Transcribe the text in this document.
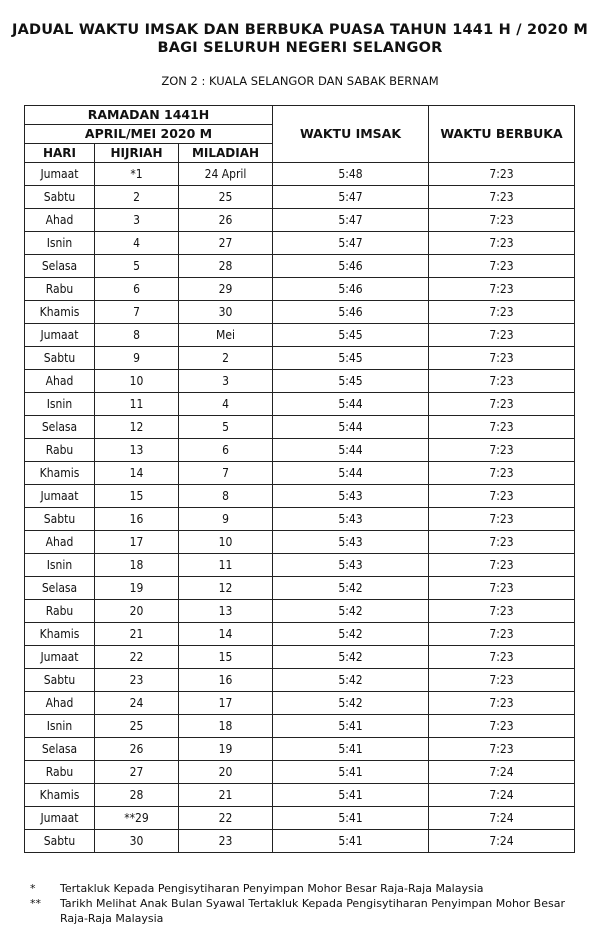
JADUAL WAKTU IMSAK DAN BERBUKA PUASA TAHUN 1441 H / 2020 M
BAGI SELURUH NEGERI SELANGOR
ZON 2 : KUALA SELANGOR DAN SABAK BERNAM
RAMADAN 1441H			WAKTU IMSAK	WAKTU BERBUKA
APRIL/MEI 2020 M				
HARI	HIJRIAH	MILADIAH		
Jumaat	*1	24 April	5:48	7:23
Sabtu	2	25	5:47	7:23
Ahad	3	26	5:47	7:23
Isnin	4	27	5:47	7:23
Selasa	5	28	5:46	7:23
Rabu	6	29	5:46	7:23
Khamis	7	30	5:46	7:23
Jumaat	8	Mei	5:45	7:23
Sabtu	9	2	5:45	7:23
Ahad	10	3	5:45	7:23
Isnin	11	4	5:44	7:23
Selasa	12	5	5:44	7:23
Rabu	13	6	5:44	7:23
Khamis	14	7	5:44	7:23
Jumaat	15	8	5:43	7:23
Sabtu	16	9	5:43	7:23
Ahad	17	10	5:43	7:23
Isnin	18	11	5:43	7:23
Selasa	19	12	5:42	7:23
Rabu	20	13	5:42	7:23
Khamis	21	14	5:42	7:23
Jumaat	22	15	5:42	7:23
Sabtu	23	16	5:42	7:23
Ahad	24	17	5:42	7:23
Isnin	25	18	5:41	7:23
Selasa	26	19	5:41	7:23
Rabu	27	20	5:41	7:24
Khamis	28	21	5:41	7:24
Jumaat	**29	22	5:41	7:24
Sabtu	30	23	5:41	7:24
*	Tertakluk Kepada Pengisytiharan Penyimpan Mohor Besar Raja-Raja Malaysia
**	Tarikh Melihat Anak Bulan Syawal Tertakluk Kepada Pengisytiharan Penyimpan Mohor Besar Raja-Raja Malaysia
